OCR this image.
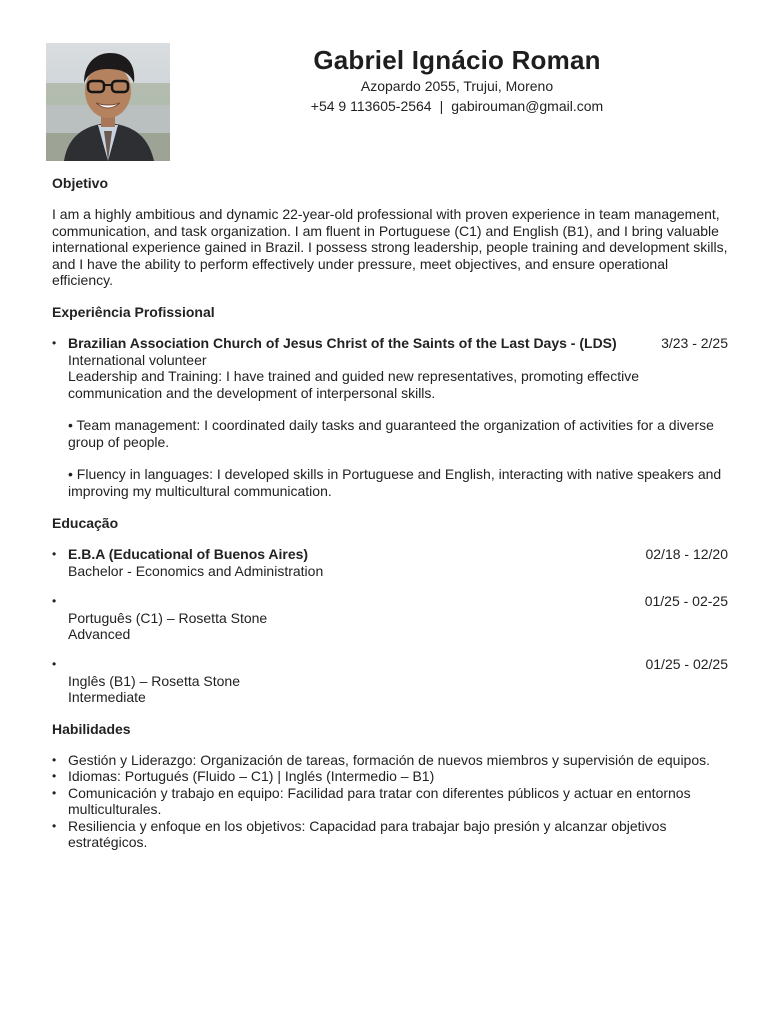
Gabriel Ignácio Roman
Azopardo 2055, Trujui, Moreno
+54 9 113605-2564 | gabirouman@gmail.com
Objetivo

I am a highly ambitious and dynamic 22-year-old professional with proven experience in team management, communication, and task organization. I am fluent in Portuguese (C1) and English (B1), and I bring valuable international experience gained in Brazil. I possess strong leadership, people training and development skills, and I have the ability to perform effectively under pressure, meet objectives, and ensure operational efficiency.

Experiência Profissional
• Brazilian Association Church of Jesus Christ of the Saints of the Last Days - (LDS)	3/23 - 2/25
International volunteer
Leadership and Training: I have trained and guided new representatives, promoting effective communication and the development of interpersonal skills.
• Team management: I coordinated daily tasks and guaranteed the organization of activities for a diverse group of people.
• Fluency in languages: I developed skills in Portuguese and English, interacting with native speakers and improving my multicultural communication.
Educação
• E.B.A (Educational of Buenos Aires)	02/18 - 12/20
Bachelor - Economics and Administration
• 01/25 - 02-25
Português (C1) – Rosetta Stone
Advanced
• 01/25 - 02/25
Inglês (B1) – Rosetta Stone
Intermediate
Habilidades
• Gestión y Liderazgo: Organización de tareas, formación de nuevos miembros y supervisión de equipos.
• Idiomas: Portugués (Fluido – C1) | Inglés (Intermedio – B1)
• Comunicación y trabajo en equipo: Facilidad para tratar con diferentes públicos y actuar en entornos multiculturales.
• Resiliencia y enfoque en los objetivos: Capacidad para trabajar bajo presión y alcanzar objetivos estratégicos.
